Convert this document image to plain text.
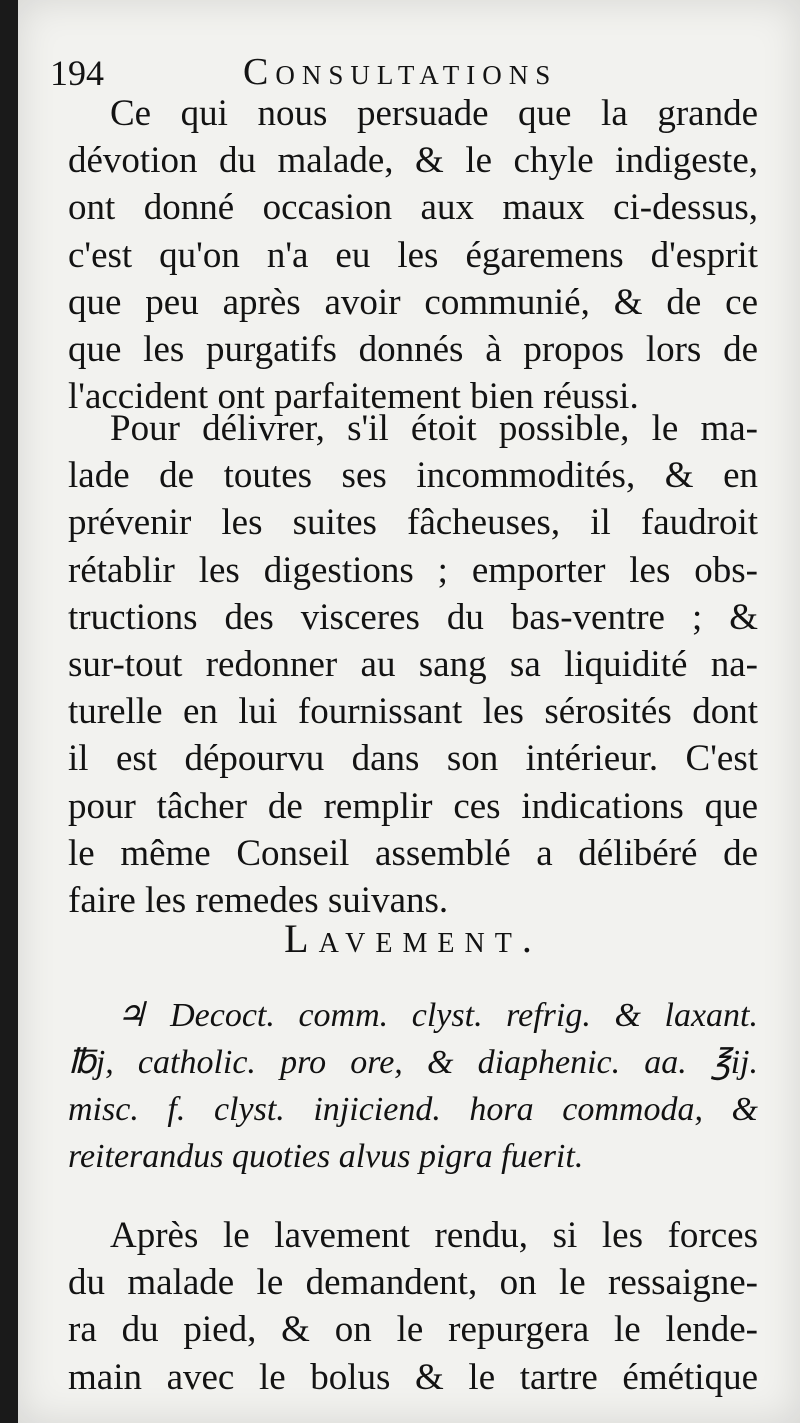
194	Consultations
Ce qui nous persuade que la grande
dévotion du malade, & le chyle indigeste,
ont donné occasion aux maux ci-dessus,
c'est qu'on n'a eu les égaremens d'esprit
que peu après avoir communié, & de ce
que les purgatifs donnés à propos lors de
l'accident ont parfaitement bien réussi.
Pour délivrer, s'il étoit possible, le ma-
lade de toutes ses incommodités, & en
prévenir les suites fâcheuses, il faudroit
rétablir les digestions ; emporter les obs-
tructions des visceres du bas-ventre ; &
sur-tout redonner au sang sa liquidité na-
turelle en lui fournissant les sérosités dont
il est dépourvu dans son intérieur. C'est
pour tâcher de remplir ces indications que
le même Conseil assemblé a délibéré de
faire les remedes suivans.
Lavement.
♃ Decoct. comm. clyst. refrig. & laxant.
℔j, catholic. pro ore, & diaphenic. aa. ℥ij.
misc. f. clyst. injiciend. hora commoda, &
reiterandus quoties alvus pigra fuerit.
Après le lavement rendu, si les forces
du malade le demandent, on le ressaigne-
ra du pied, & on le repurgera le lende-
main avec le bolus & le tartre émétique
